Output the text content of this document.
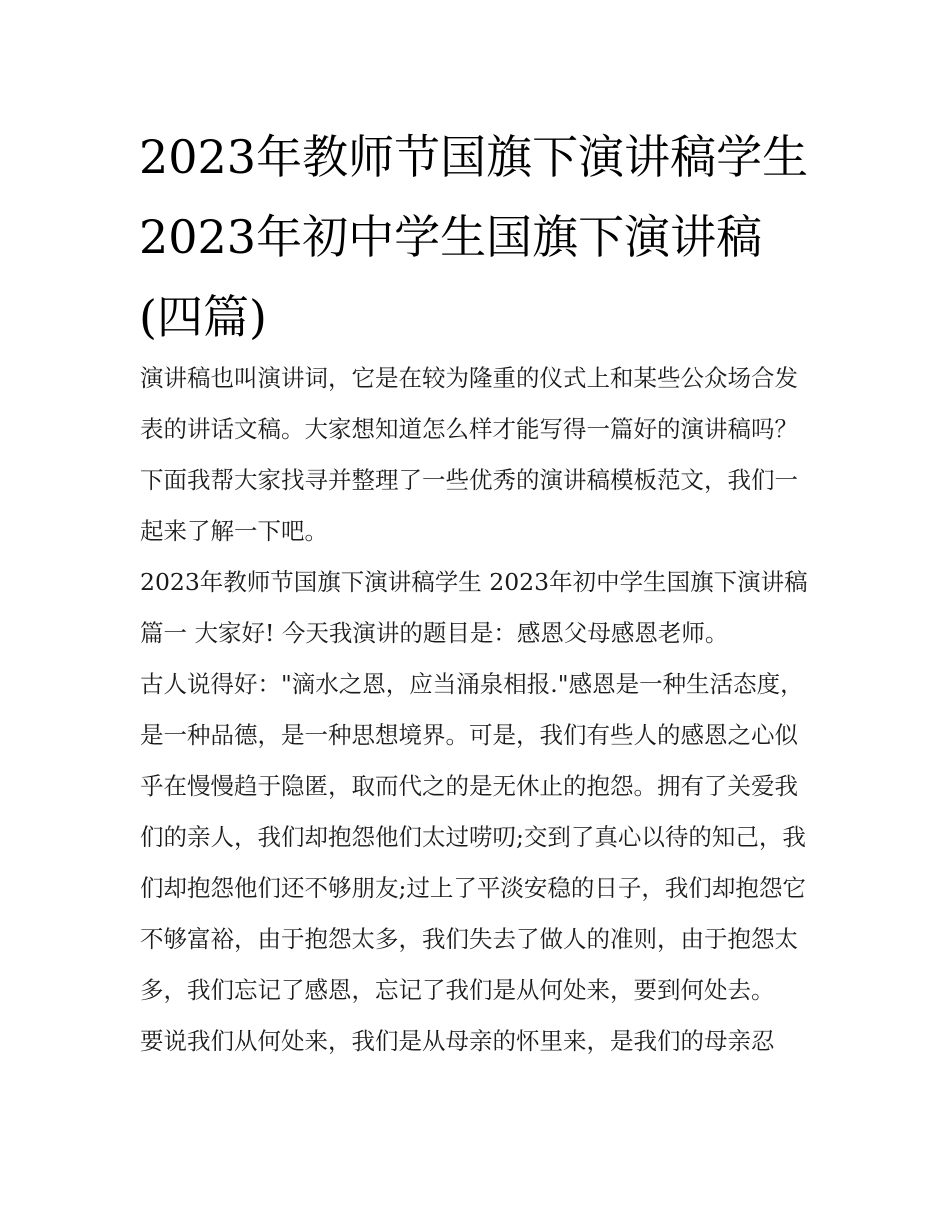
2023年教师节国旗下演讲稿学生 2023年初中学生国旗下演讲稿(四篇)

演讲稿也叫演讲词，它是在较为隆重的仪式上和某些公众场合发表的讲话文稿。大家想知道怎么样才能写得一篇好的演讲稿吗？下面我帮大家找寻并整理了一些优秀的演讲稿模板范文，我们一起来了解一下吧。

2023年教师节国旗下演讲稿学生 2023年初中学生国旗下演讲稿篇一 大家好! 今天我演讲的题目是：感恩父母感恩老师。

古人说得好："滴水之恩，应当涌泉相报."感恩是一种生活态度，是一种品德，是一种思想境界。可是，我们有些人的感恩之心似乎在慢慢趋于隐匿，取而代之的是无休止的抱怨。拥有了关爱我们的亲人，我们却抱怨他们太过唠叨;交到了真心以待的知己，我们却抱怨他们还不够朋友;过上了平淡安稳的日子，我们却抱怨它不够富裕，由于抱怨太多，我们失去了做人的准则，由于抱怨太多，我们忘记了感恩，忘记了我们是从何处来，要到何处去。

要说我们从何处来，我们是从母亲的怀里来，是我们的母亲忍
